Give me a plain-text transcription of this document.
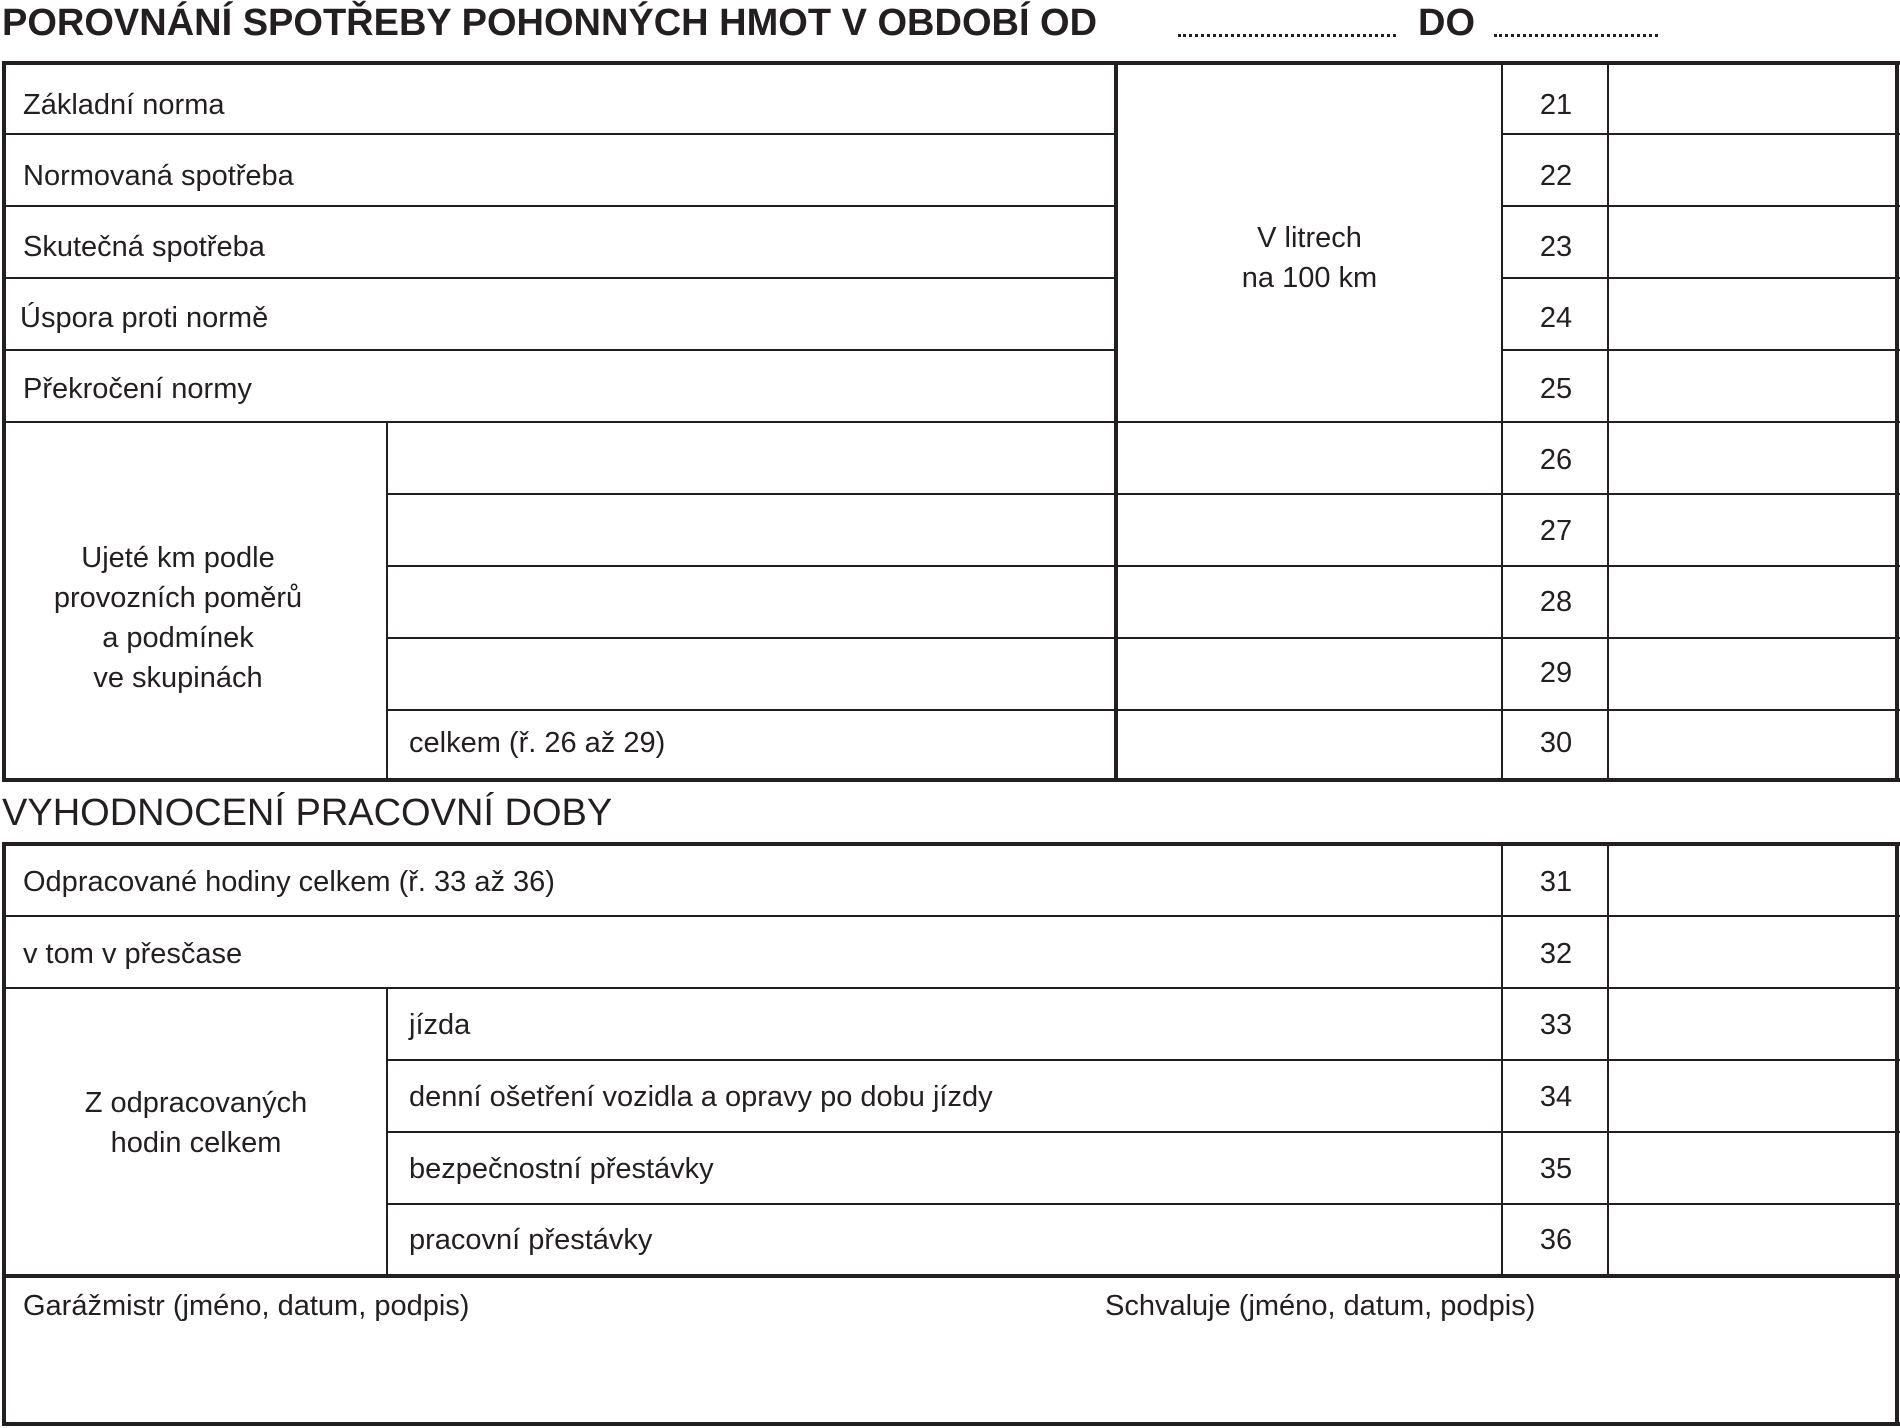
POROVNÁNÍ SPOTŘEBY POHONNÝCH HMOT V OBDOBÍ OD	DO
Základní norma
Normovaná spotřeba
Skutečná spotřeba
Úspora proti normě
Překročení normy
V litrech
na 100 km
21
22
23
24
25
Ujeté km podle
provozních poměrů
a podmínek
ve skupinách
celkem (ř. 26 až 29)
26
27
28
29
30
VYHODNOCENÍ PRACOVNÍ DOBY
Odpracované hodiny celkem (ř. 33 až 36)
v tom v přesčase
Z odpracovaných
hodin celkem
jízda
denní ošetření vozidla a opravy po dobu jízdy
bezpečnostní přestávky
pracovní přestávky
31
32
33
34
35
36
Garážmistr (jméno, datum, podpis)	Schvaluje (jméno, datum, podpis)
